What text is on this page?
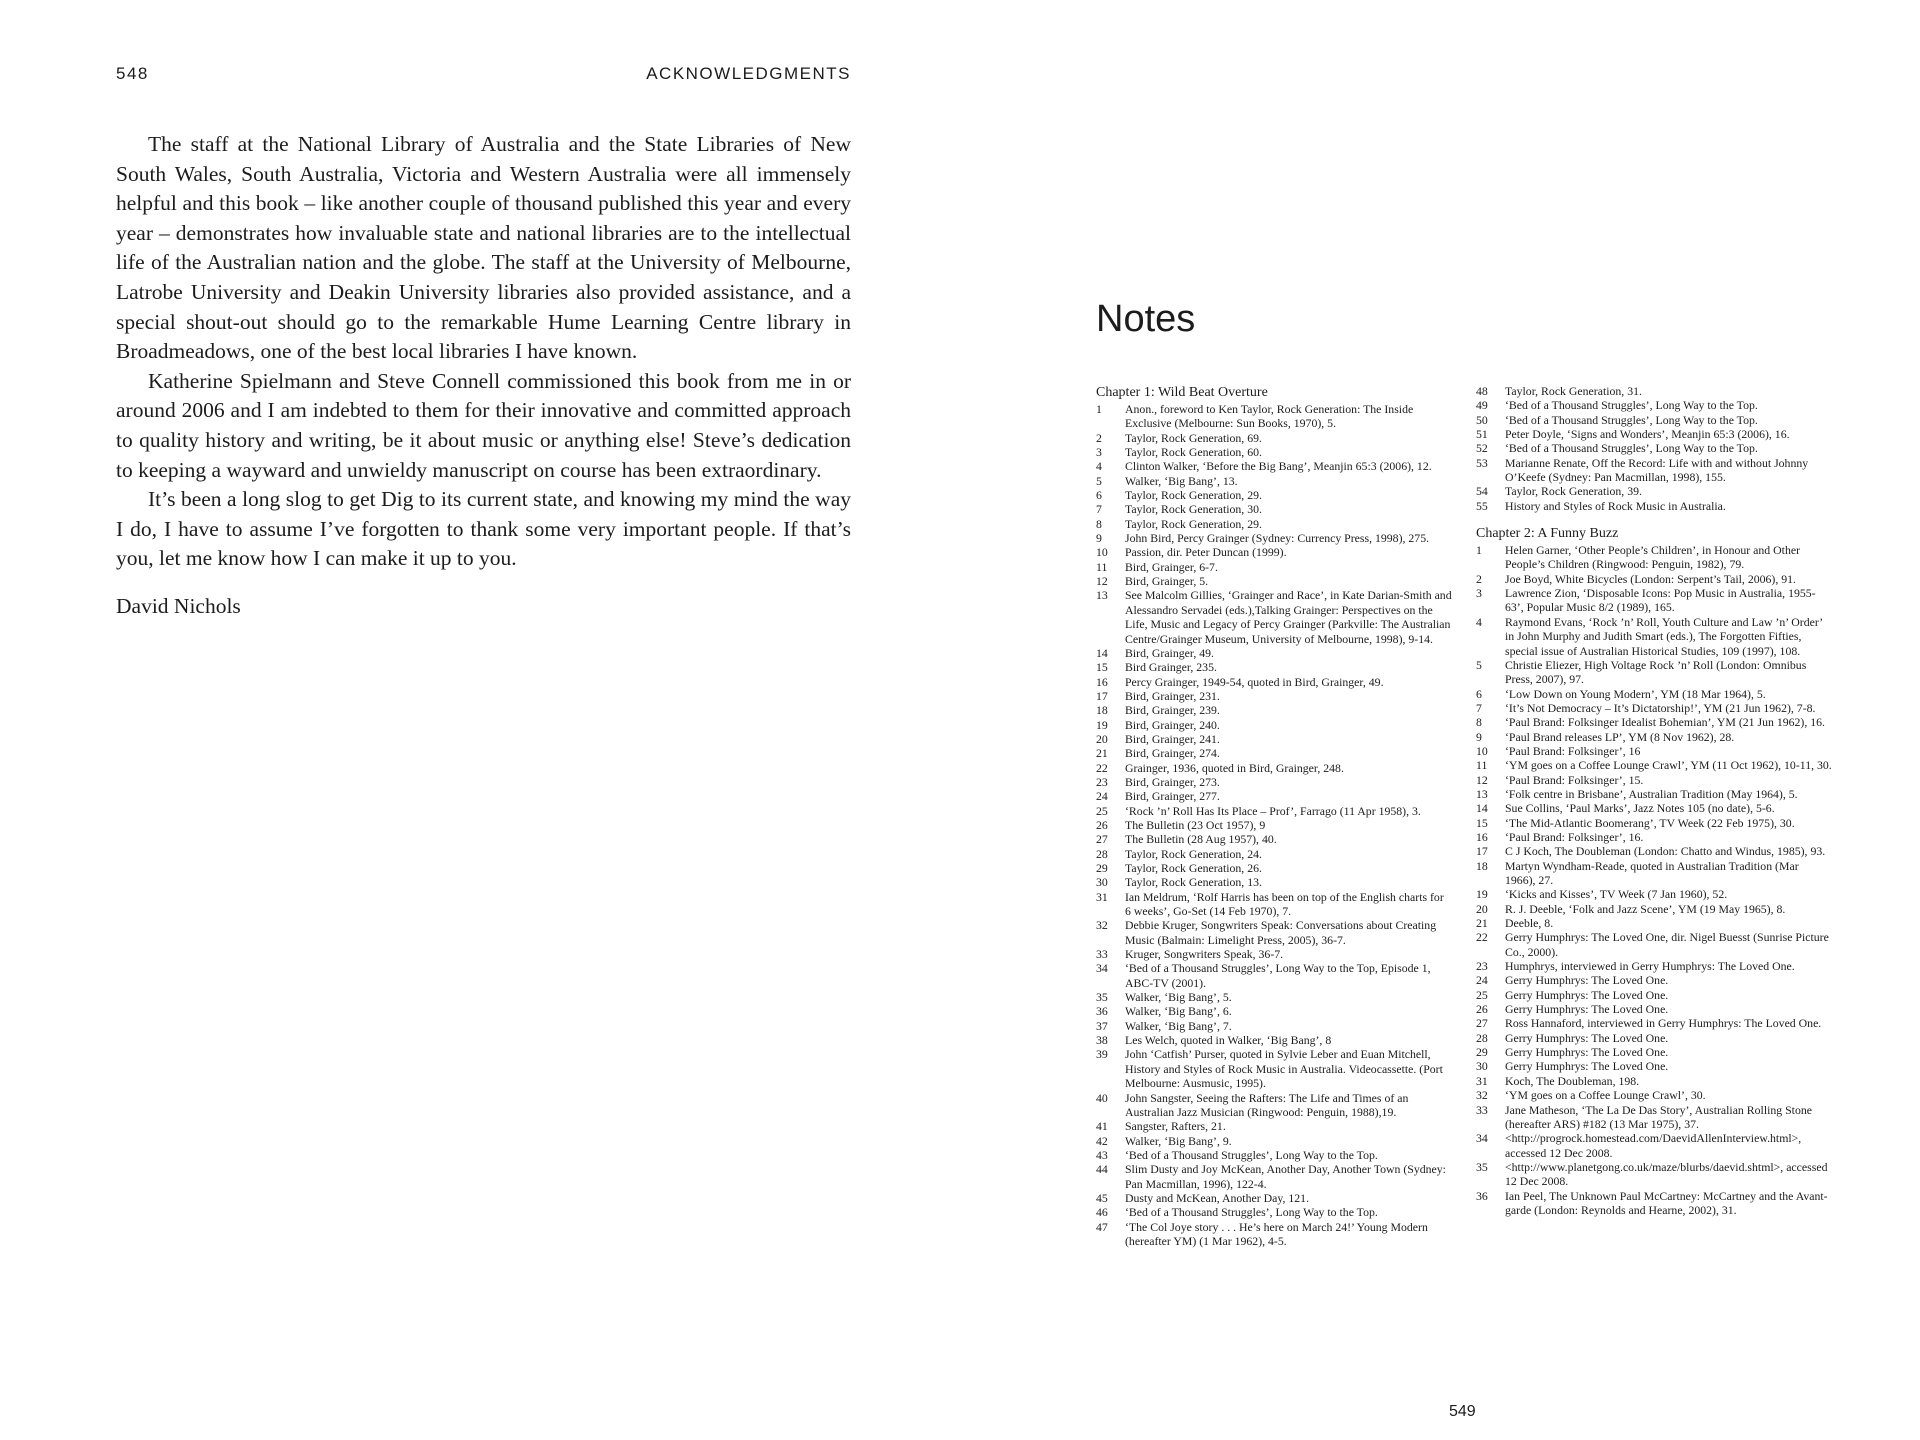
548	ACKNOWLEDGMENTS

The staff at the National Library of Australia and the State Libraries of New South Wales, South Australia, Victoria and Western Australia were all immensely helpful and this book – like another couple of thousand published this year and every year – demonstrates how invaluable state and national libraries are to the intellectual life of the Australian nation and the globe. The staff at the University of Melbourne, Latrobe University and Deakin University libraries also provided assistance, and a special shout-out should go to the remarkable Hume Learning Centre library in Broadmeadows, one of the best local libraries I have known.

Katherine Spielmann and Steve Connell commissioned this book from me in or around 2006 and I am indebted to them for their innovative and committed approach to quality history and writing, be it about music or anything else! Steve’s dedication to keeping a wayward and unwieldy manuscript on course has been extraordinary.

It’s been a long slog to get Dig to its current state, and knowing my mind the way I do, I have to assume I’ve forgotten to thank some very important people. If that’s you, let me know how I can make it up to you.

David Nichols

Notes
Chapter 1: Wild Beat Overture
1	Anon., foreword to Ken Taylor, Rock Generation: The Inside Exclusive (Melbourne: Sun Books, 1970), 5.
2	Taylor, Rock Generation, 69.
3	Taylor, Rock Generation, 60.
4	Clinton Walker, ‘Before the Big Bang’, Meanjin 65:3 (2006), 12.
5	Walker, ‘Big Bang’, 13.
6	Taylor, Rock Generation, 29.
7	Taylor, Rock Generation, 30.
8	Taylor, Rock Generation, 29.
9	John Bird, Percy Grainger (Sydney: Currency Press, 1998), 275.
10	Passion, dir. Peter Duncan (1999).
11	Bird, Grainger, 6-7.
12	Bird, Grainger, 5.
13	See Malcolm Gillies, ‘Grainger and Race’, in Kate Darian-Smith and Alessandro Servadei (eds.),Talking Grainger: Perspectives on the Life, Music and Legacy of Percy Grainger (Parkville: The Australian Centre/Grainger Museum, University of Melbourne, 1998), 9-14.
14	Bird, Grainger, 49.
15	Bird Grainger, 235.
16	Percy Grainger, 1949-54, quoted in Bird, Grainger, 49.
17	Bird, Grainger, 231.
18	Bird, Grainger, 239.
19	Bird, Grainger, 240.
20	Bird, Grainger, 241.
21	Bird, Grainger, 274.
22	Grainger, 1936, quoted in Bird, Grainger, 248.
23	Bird, Grainger, 273.
24	Bird, Grainger, 277.
25	‘Rock ’n’ Roll Has Its Place – Prof’, Farrago (11 Apr 1958), 3.
26	The Bulletin (23 Oct 1957), 9
27	The Bulletin (28 Aug 1957), 40.
28	Taylor, Rock Generation, 24.
29	Taylor, Rock Generation, 26.
30	Taylor, Rock Generation, 13.
31	Ian Meldrum, ‘Rolf Harris has been on top of the English charts for 6 weeks’, Go-Set (14 Feb 1970), 7.
32	Debbie Kruger, Songwriters Speak: Conversations about Creating Music (Balmain: Limelight Press, 2005), 36-7.
33	Kruger, Songwriters Speak, 36-7.
34	‘Bed of a Thousand Struggles’, Long Way to the Top, Episode 1, ABC-TV (2001).
35	Walker, ‘Big Bang’, 5.
36	Walker, ‘Big Bang’, 6.
37	Walker, ‘Big Bang’, 7.
38	Les Welch, quoted in Walker, ‘Big Bang’, 8
39	John ‘Catfish’ Purser, quoted in Sylvie Leber and Euan Mitchell, History and Styles of Rock Music in Australia. Videocassette. (Port Melbourne: Ausmusic, 1995).
40	John Sangster, Seeing the Rafters: The Life and Times of an Australian Jazz Musician (Ringwood: Penguin, 1988),19.
41	Sangster, Rafters, 21.
42	Walker, ‘Big Bang’, 9.
43	‘Bed of a Thousand Struggles’, Long Way to the Top.
44	Slim Dusty and Joy McKean, Another Day, Another Town (Sydney: Pan Macmillan, 1996), 122-4.
45	Dusty and McKean, Another Day, 121.
46	‘Bed of a Thousand Struggles’, Long Way to the Top.
47	‘The Col Joye story . . . He’s here on March 24!’ Young Modern (hereafter YM) (1 Mar 1962), 4-5.
48	Taylor, Rock Generation, 31.
49	‘Bed of a Thousand Struggles’, Long Way to the Top.
50	‘Bed of a Thousand Struggles’, Long Way to the Top.
51	Peter Doyle, ‘Signs and Wonders’, Meanjin 65:3 (2006), 16.
52	‘Bed of a Thousand Struggles’, Long Way to the Top.
53	Marianne Renate, Off the Record: Life with and without Johnny O’Keefe (Sydney: Pan Macmillan, 1998), 155.
54	Taylor, Rock Generation, 39.
55	History and Styles of Rock Music in Australia.
Chapter 2: A Funny Buzz
1	Helen Garner, ‘Other People’s Children’, in Honour and Other People’s Children (Ringwood: Penguin, 1982), 79.
2	Joe Boyd, White Bicycles (London: Serpent’s Tail, 2006), 91.
3	Lawrence Zion, ‘Disposable Icons: Pop Music in Australia, 1955-63’, Popular Music 8/2 (1989), 165.
4	Raymond Evans, ‘Rock ’n’ Roll, Youth Culture and Law ’n’ Order’ in John Murphy and Judith Smart (eds.), The Forgotten Fifties, special issue of Australian Historical Studies, 109 (1997), 108.
5	Christie Eliezer, High Voltage Rock ’n’ Roll (London: Omnibus Press, 2007), 97.
6	‘Low Down on Young Modern’, YM (18 Mar 1964), 5.
7	‘It’s Not Democracy – It’s Dictatorship!’, YM (21 Jun 1962), 7-8.
8	‘Paul Brand: Folksinger Idealist Bohemian’, YM (21 Jun 1962), 16.
9	‘Paul Brand releases LP’, YM (8 Nov 1962), 28.
10	‘Paul Brand: Folksinger’, 16
11	‘YM goes on a Coffee Lounge Crawl’, YM (11 Oct 1962), 10-11, 30.
12	‘Paul Brand: Folksinger’, 15.
13	‘Folk centre in Brisbane’, Australian Tradition (May 1964), 5.
14	Sue Collins, ‘Paul Marks’, Jazz Notes 105 (no date), 5-6.
15	‘The Mid-Atlantic Boomerang’, TV Week (22 Feb 1975), 30.
16	‘Paul Brand: Folksinger’, 16.
17	C J Koch, The Doubleman (London: Chatto and Windus, 1985), 93.
18	Martyn Wyndham-Reade, quoted in Australian Tradition (Mar 1966), 27.
19	‘Kicks and Kisses’, TV Week (7 Jan 1960), 52.
20	R. J. Deeble, ‘Folk and Jazz Scene’, YM (19 May 1965), 8.
21	Deeble, 8.
22	Gerry Humphrys: The Loved One, dir. Nigel Buesst (Sunrise Picture Co., 2000).
23	Humphrys, interviewed in Gerry Humphrys: The Loved One.
24	Gerry Humphrys: The Loved One.
25	Gerry Humphrys: The Loved One.
26	Gerry Humphrys: The Loved One.
27	Ross Hannaford, interviewed in Gerry Humphrys: The Loved One.
28	Gerry Humphrys: The Loved One.
29	Gerry Humphrys: The Loved One.
30	Gerry Humphrys: The Loved One.
31	Koch, The Doubleman, 198.
32	‘YM goes on a Coffee Lounge Crawl’, 30.
33	Jane Matheson, ‘The La De Das Story’, Australian Rolling Stone (hereafter ARS) #182 (13 Mar 1975), 37.
34	<http://progrock.homestead.com/DaevidAllenInterview.html>, accessed 12 Dec 2008.
35	<http://www.planetgong.co.uk/maze/blurbs/daevid.shtml>, accessed 12 Dec 2008.
36	Ian Peel, The Unknown Paul McCartney: McCartney and the Avant-garde (London: Reynolds and Hearne, 2002), 31.
549
